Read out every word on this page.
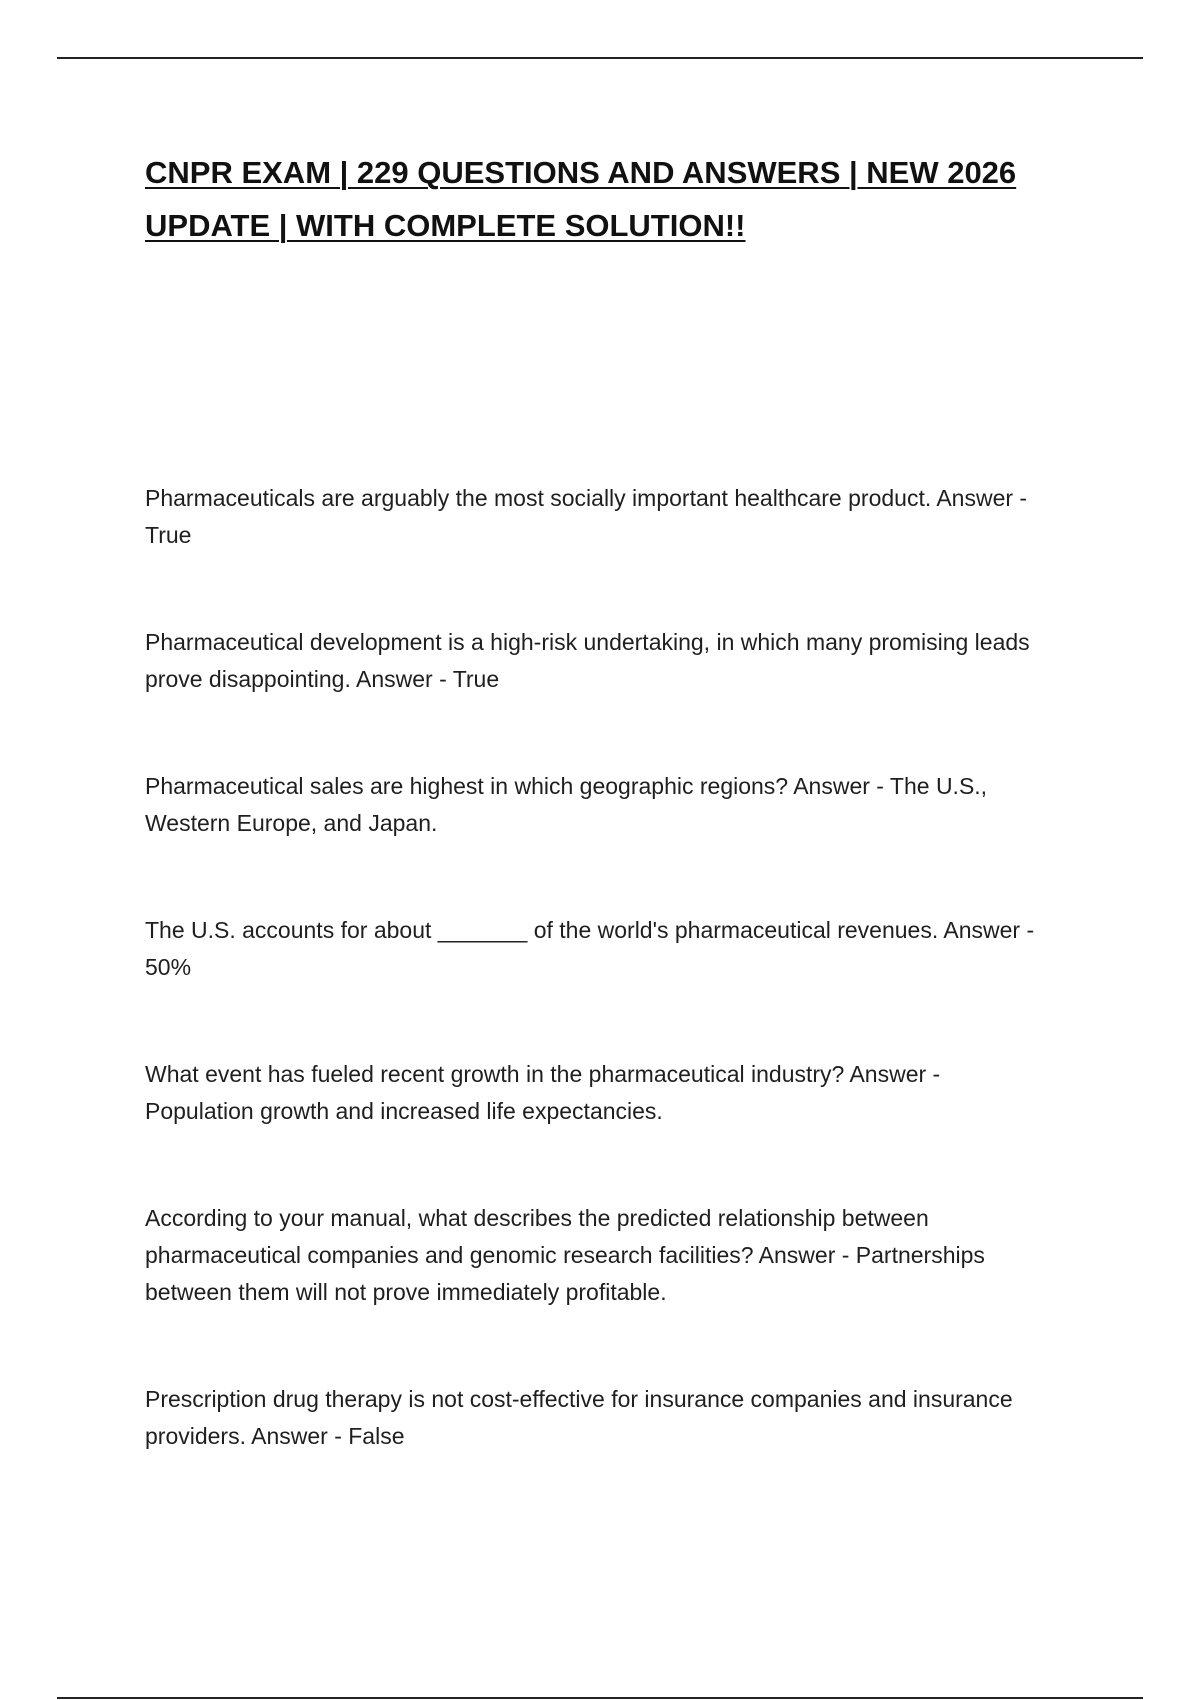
CNPR EXAM | 229 QUESTIONS AND ANSWERS | NEW 2026 UPDATE | WITH COMPLETE SOLUTION!!

Pharmaceuticals are arguably the most socially important healthcare product. Answer - True

Pharmaceutical development is a high-risk undertaking, in which many promising leads prove disappointing. Answer - True

Pharmaceutical sales are highest in which geographic regions? Answer - The U.S., Western Europe, and Japan.

The U.S. accounts for about _______ of the world's pharmaceutical revenues. Answer - 50%

What event has fueled recent growth in the pharmaceutical industry? Answer - Population growth and increased life expectancies.

According to your manual, what describes the predicted relationship between pharmaceutical companies and genomic research facilities? Answer - Partnerships between them will not prove immediately profitable.

Prescription drug therapy is not cost-effective for insurance companies and insurance providers. Answer - False
